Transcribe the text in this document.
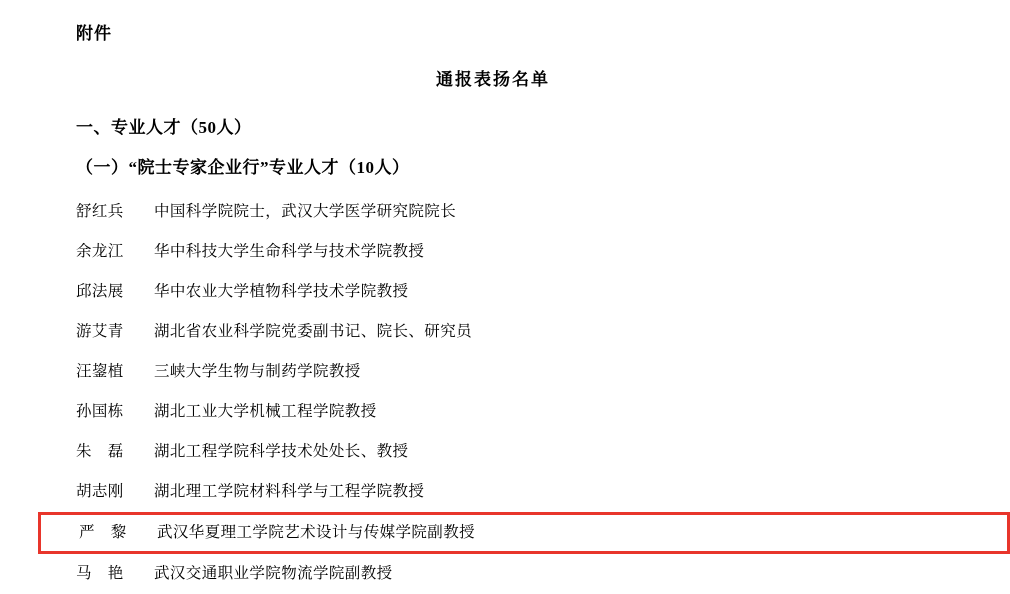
附件
通报表扬名单
一、专业人才（50人）
（一）“院士专家企业行”专业人才（10人）
舒红兵	中国科学院院士，武汉大学医学研究院院长
余龙江	华中科技大学生命科学与技术学院教授
邱法展	华中农业大学植物科学技术学院教授
游艾青	湖北省农业科学院党委副书记、院长、研究员
汪鋆植	三峡大学生物与制药学院教授
孙国栋	湖北工业大学机械工程学院教授
朱　磊	湖北工程学院科学技术处处长、教授
胡志刚	湖北理工学院材料科学与工程学院教授
严　黎	武汉华夏理工学院艺术设计与传媒学院副教授
马　艳	武汉交通职业学院物流学院副教授
